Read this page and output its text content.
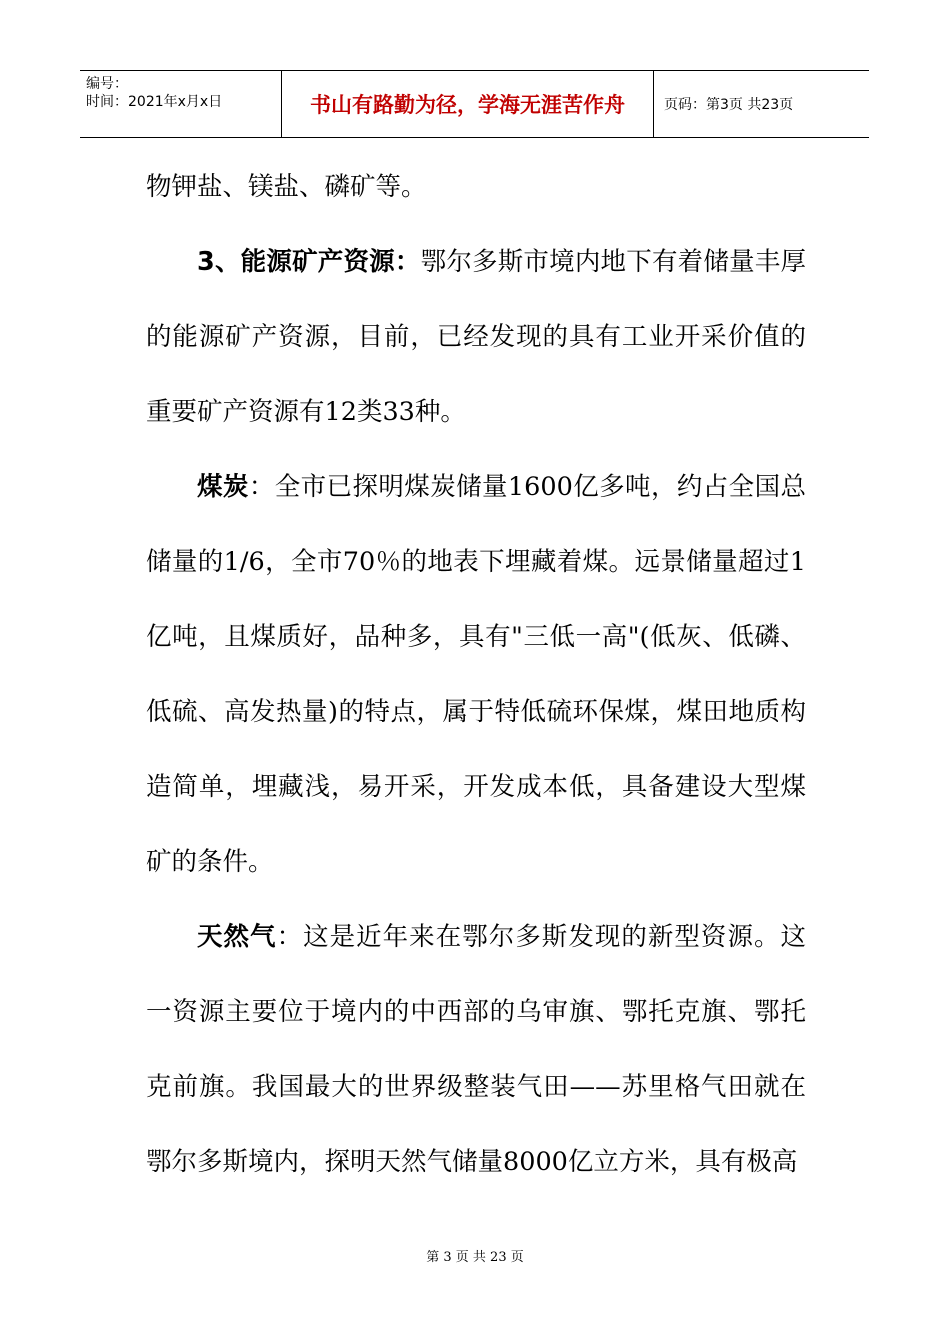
编号：
时间：2021年x月x日	书山有路勤为径，学海无涯苦作舟	页码：第3页 共23页

物钾盐、镁盐、磷矿等。

3、能源矿产资源：鄂尔多斯市境内地下有着储量丰厚的能源矿产资源，目前，已经发现的具有工业开采价值的重要矿产资源有12类33种。

煤炭：全市已探明煤炭储量1600亿多吨，约占全国总储量的1/6，全市70％的地表下埋藏着煤。远景储量超过1亿吨，且煤质好，品种多，具有"三低一高"(低灰、低磷、低硫、高发热量)的特点，属于特低硫环保煤，煤田地质构造简单，埋藏浅，易开采，开发成本低，具备建设大型煤矿的条件。

天然气：这是近年来在鄂尔多斯发现的新型资源。这一资源主要位于境内的中西部的乌审旗、鄂托克旗、鄂托克前旗。我国最大的世界级整装气田——苏里格气田就在鄂尔多斯境内，探明天然气储量8000亿立方米，具有极高

第 3 页 共 23 页
